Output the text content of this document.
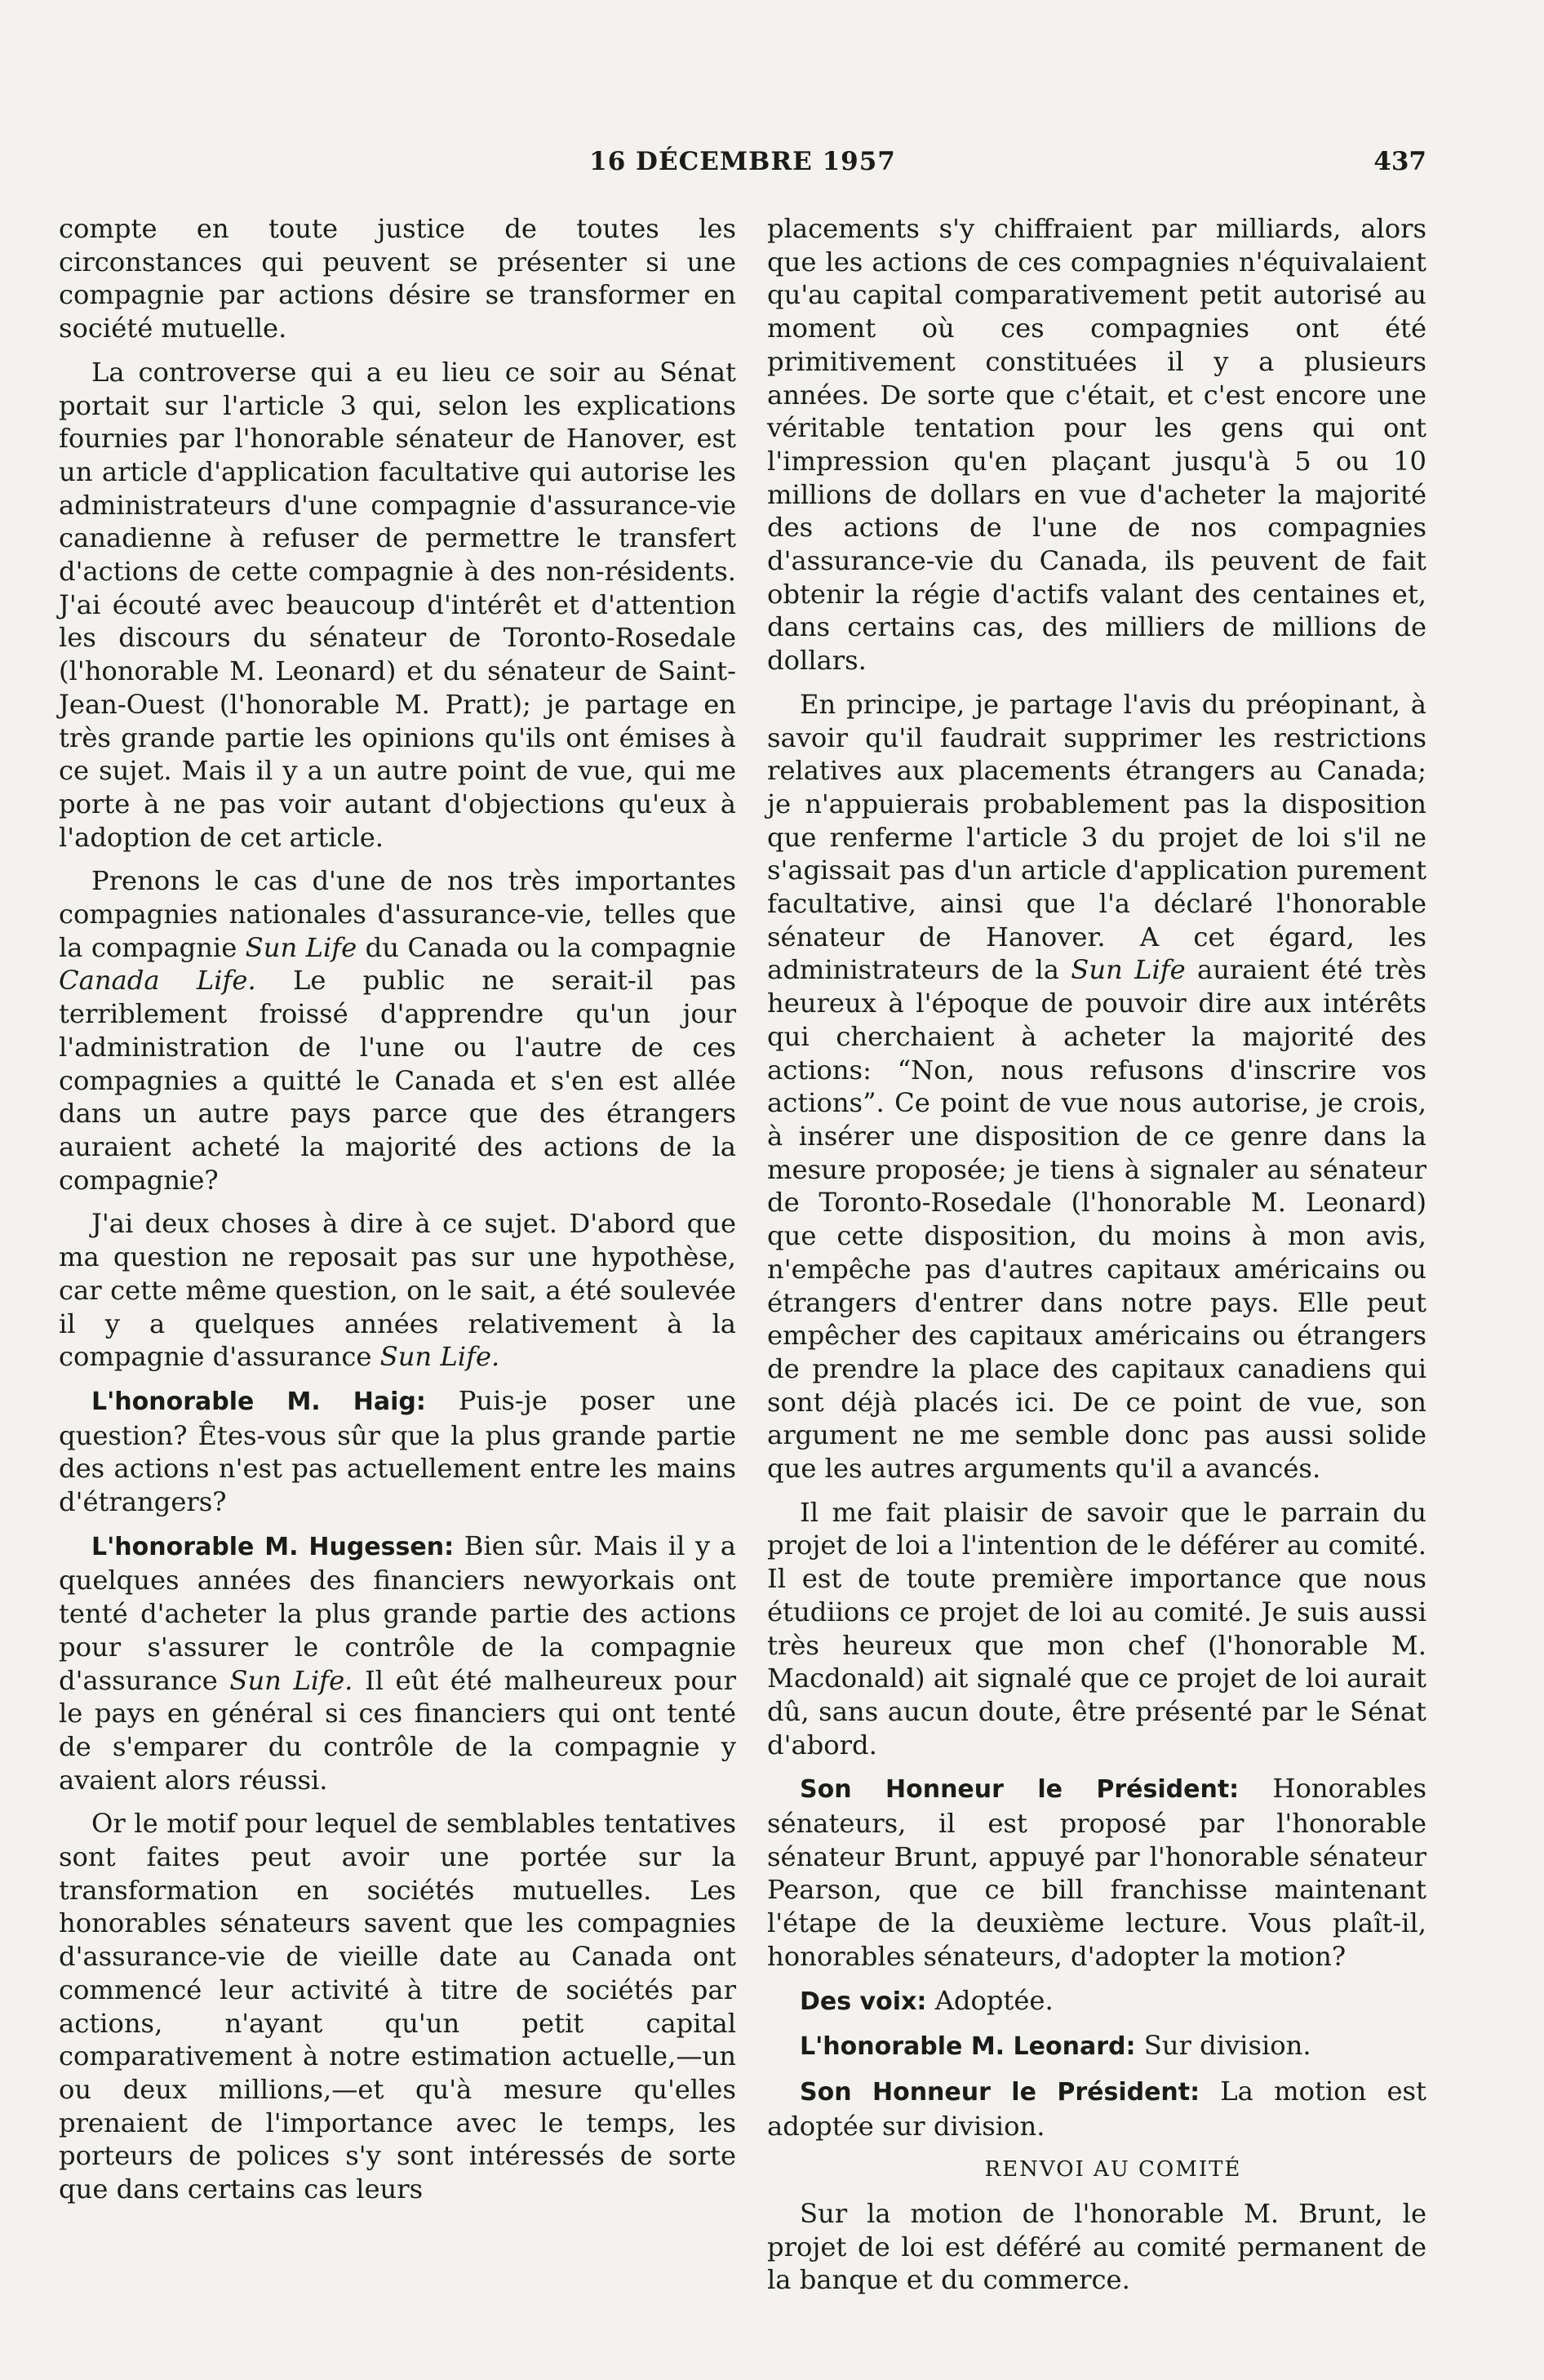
16 DÉCEMBRE 1957	437

compte en toute justice de toutes les circonstances qui peuvent se présenter si une compagnie par actions désire se transformer en société mutuelle.

La controverse qui a eu lieu ce soir au Sénat portait sur l'article 3 qui, selon les explications fournies par l'honorable sénateur de Hanover, est un article d'application facultative qui autorise les administrateurs d'une compagnie d'assurance-vie canadienne à refuser de permettre le transfert d'actions de cette compagnie à des non-résidents. J'ai écouté avec beaucoup d'intérêt et d'attention les discours du sénateur de Toronto-Rosedale (l'honorable M. Leonard) et du sénateur de Saint-Jean-Ouest (l'honorable M. Pratt); je partage en très grande partie les opinions qu'ils ont émises à ce sujet. Mais il y a un autre point de vue, qui me porte à ne pas voir autant d'objections qu'eux à l'adoption de cet article.

Prenons le cas d'une de nos très importantes compagnies nationales d'assurance-vie, telles que la compagnie Sun Life du Canada ou la compagnie Canada Life. Le public ne serait-il pas terriblement froissé d'apprendre qu'un jour l'administration de l'une ou l'autre de ces compagnies a quitté le Canada et s'en est allée dans un autre pays parce que des étrangers auraient acheté la majorité des actions de la compagnie?

J'ai deux choses à dire à ce sujet. D'abord que ma question ne reposait pas sur une hypothèse, car cette même question, on le sait, a été soulevée il y a quelques années relativement à la compagnie d'assurance Sun Life.

L'honorable M. Haig: Puis-je poser une question? Êtes-vous sûr que la plus grande partie des actions n'est pas actuellement entre les mains d'étrangers?

L'honorable M. Hugessen: Bien sûr. Mais il y a quelques années des financiers newyorkais ont tenté d'acheter la plus grande partie des actions pour s'assurer le contrôle de la compagnie d'assurance Sun Life. Il eût été malheureux pour le pays en général si ces financiers qui ont tenté de s'emparer du contrôle de la compagnie y avaient alors réussi.

Or le motif pour lequel de semblables tentatives sont faites peut avoir une portée sur la transformation en sociétés mutuelles. Les honorables sénateurs savent que les compagnies d'assurance-vie de vieille date au Canada ont commencé leur activité à titre de sociétés par actions, n'ayant qu'un petit capital comparativement à notre estimation actuelle,—un ou deux millions,—et qu'à mesure qu'elles prenaient de l'importance avec le temps, les porteurs de polices s'y sont intéressés de sorte que dans certains cas leurs

placements s'y chiffraient par milliards, alors que les actions de ces compagnies n'équivalaient qu'au capital comparativement petit autorisé au moment où ces compagnies ont été primitivement constituées il y a plusieurs années. De sorte que c'était, et c'est encore une véritable tentation pour les gens qui ont l'impression qu'en plaçant jusqu'à 5 ou 10 millions de dollars en vue d'acheter la majorité des actions de l'une de nos compagnies d'assurance-vie du Canada, ils peuvent de fait obtenir la régie d'actifs valant des centaines et, dans certains cas, des milliers de millions de dollars.

En principe, je partage l'avis du préopinant, à savoir qu'il faudrait supprimer les restrictions relatives aux placements étrangers au Canada; je n'appuierais probablement pas la disposition que renferme l'article 3 du projet de loi s'il ne s'agissait pas d'un article d'application purement facultative, ainsi que l'a déclaré l'honorable sénateur de Hanover. A cet égard, les administrateurs de la Sun Life auraient été très heureux à l'époque de pouvoir dire aux intérêts qui cherchaient à acheter la majorité des actions: “Non, nous refusons d'inscrire vos actions”. Ce point de vue nous autorise, je crois, à insérer une disposition de ce genre dans la mesure proposée; je tiens à signaler au sénateur de Toronto-Rosedale (l'honorable M. Leonard) que cette disposition, du moins à mon avis, n'empêche pas d'autres capitaux américains ou étrangers d'entrer dans notre pays. Elle peut empêcher des capitaux américains ou étrangers de prendre la place des capitaux canadiens qui sont déjà placés ici. De ce point de vue, son argument ne me semble donc pas aussi solide que les autres arguments qu'il a avancés.

Il me fait plaisir de savoir que le parrain du projet de loi a l'intention de le déférer au comité. Il est de toute première importance que nous étudiions ce projet de loi au comité. Je suis aussi très heureux que mon chef (l'honorable M. Macdonald) ait signalé que ce projet de loi aurait dû, sans aucun doute, être présenté par le Sénat d'abord.

Son Honneur le Président: Honorables sénateurs, il est proposé par l'honorable sénateur Brunt, appuyé par l'honorable sénateur Pearson, que ce bill franchisse maintenant l'étape de la deuxième lecture. Vous plaît-il, honorables sénateurs, d'adopter la motion?

Des voix: Adoptée.

L'honorable M. Leonard: Sur division.

Son Honneur le Président: La motion est adoptée sur division.

RENVOI AU COMITÉ

Sur la motion de l'honorable M. Brunt, le projet de loi est déféré au comité permanent de la banque et du commerce.
